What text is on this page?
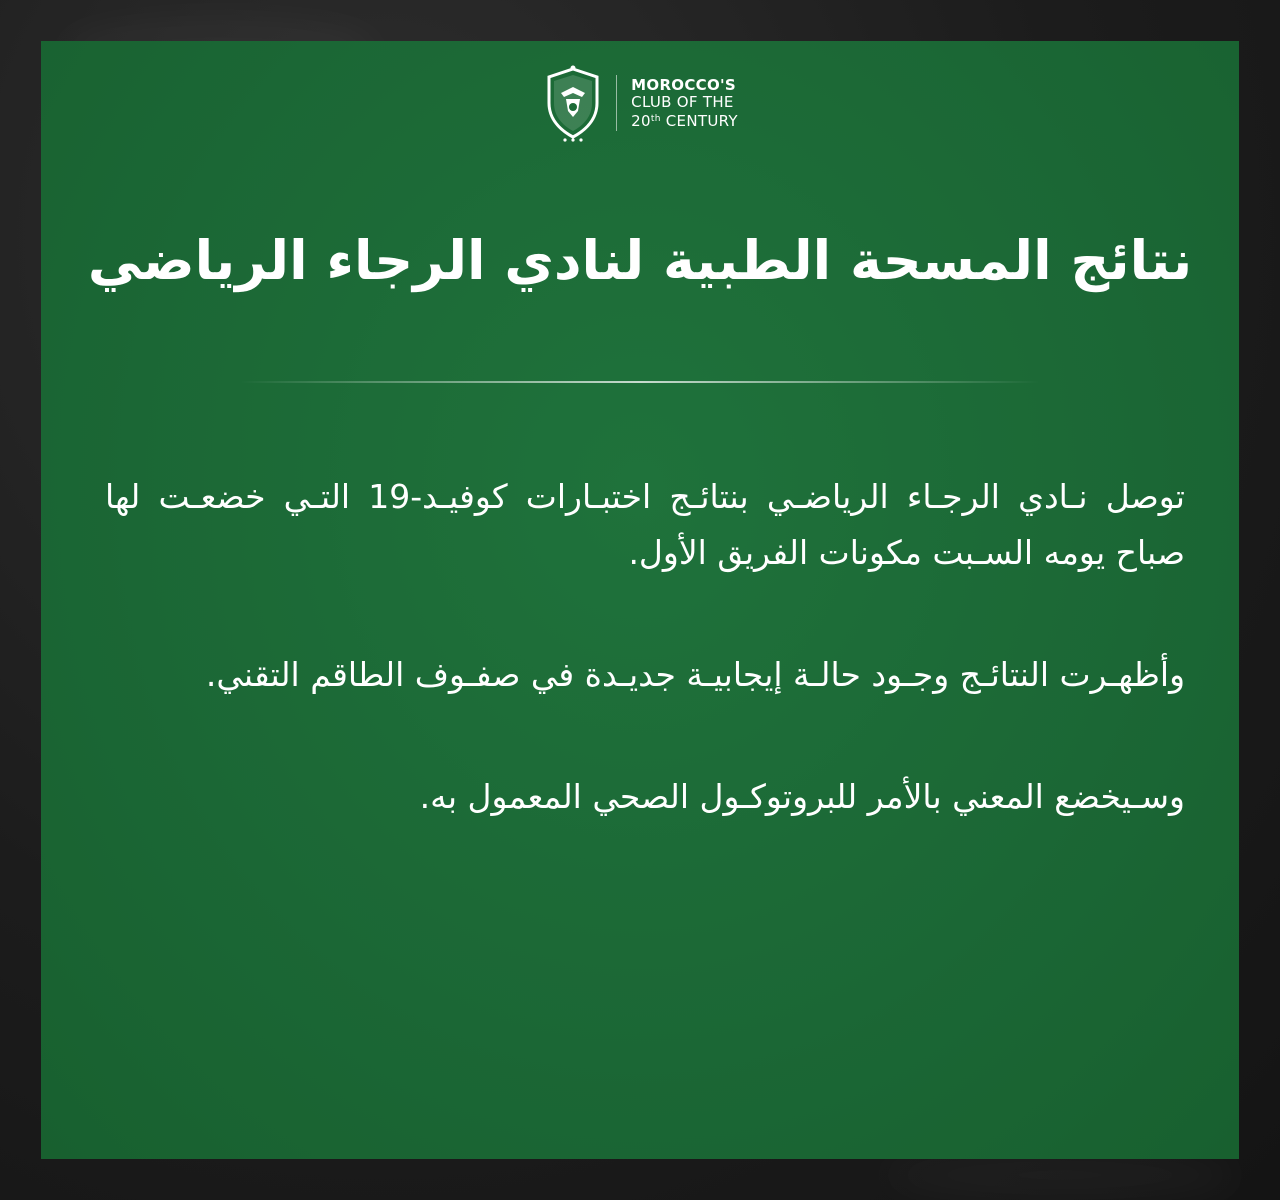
MOROCCO'S
CLUB OF THE
20th CENTURY
نتائج المسحة الطبية لنادي الرجاء الرياضي

توصل نـادي الرجـاء الرياضـي بنتائـج اختبـارات كوفيـد-19 التـي خضعـت لها صباح يومه السـبت مكونات الفريق الأول.

وأظهـرت النتائـج وجـود حالـة إيجابيـة جديـدة في صفـوف الطاقم التقني.

وسـيخضع المعني بالأمر للبروتوكـول الصحي المعمول به.
